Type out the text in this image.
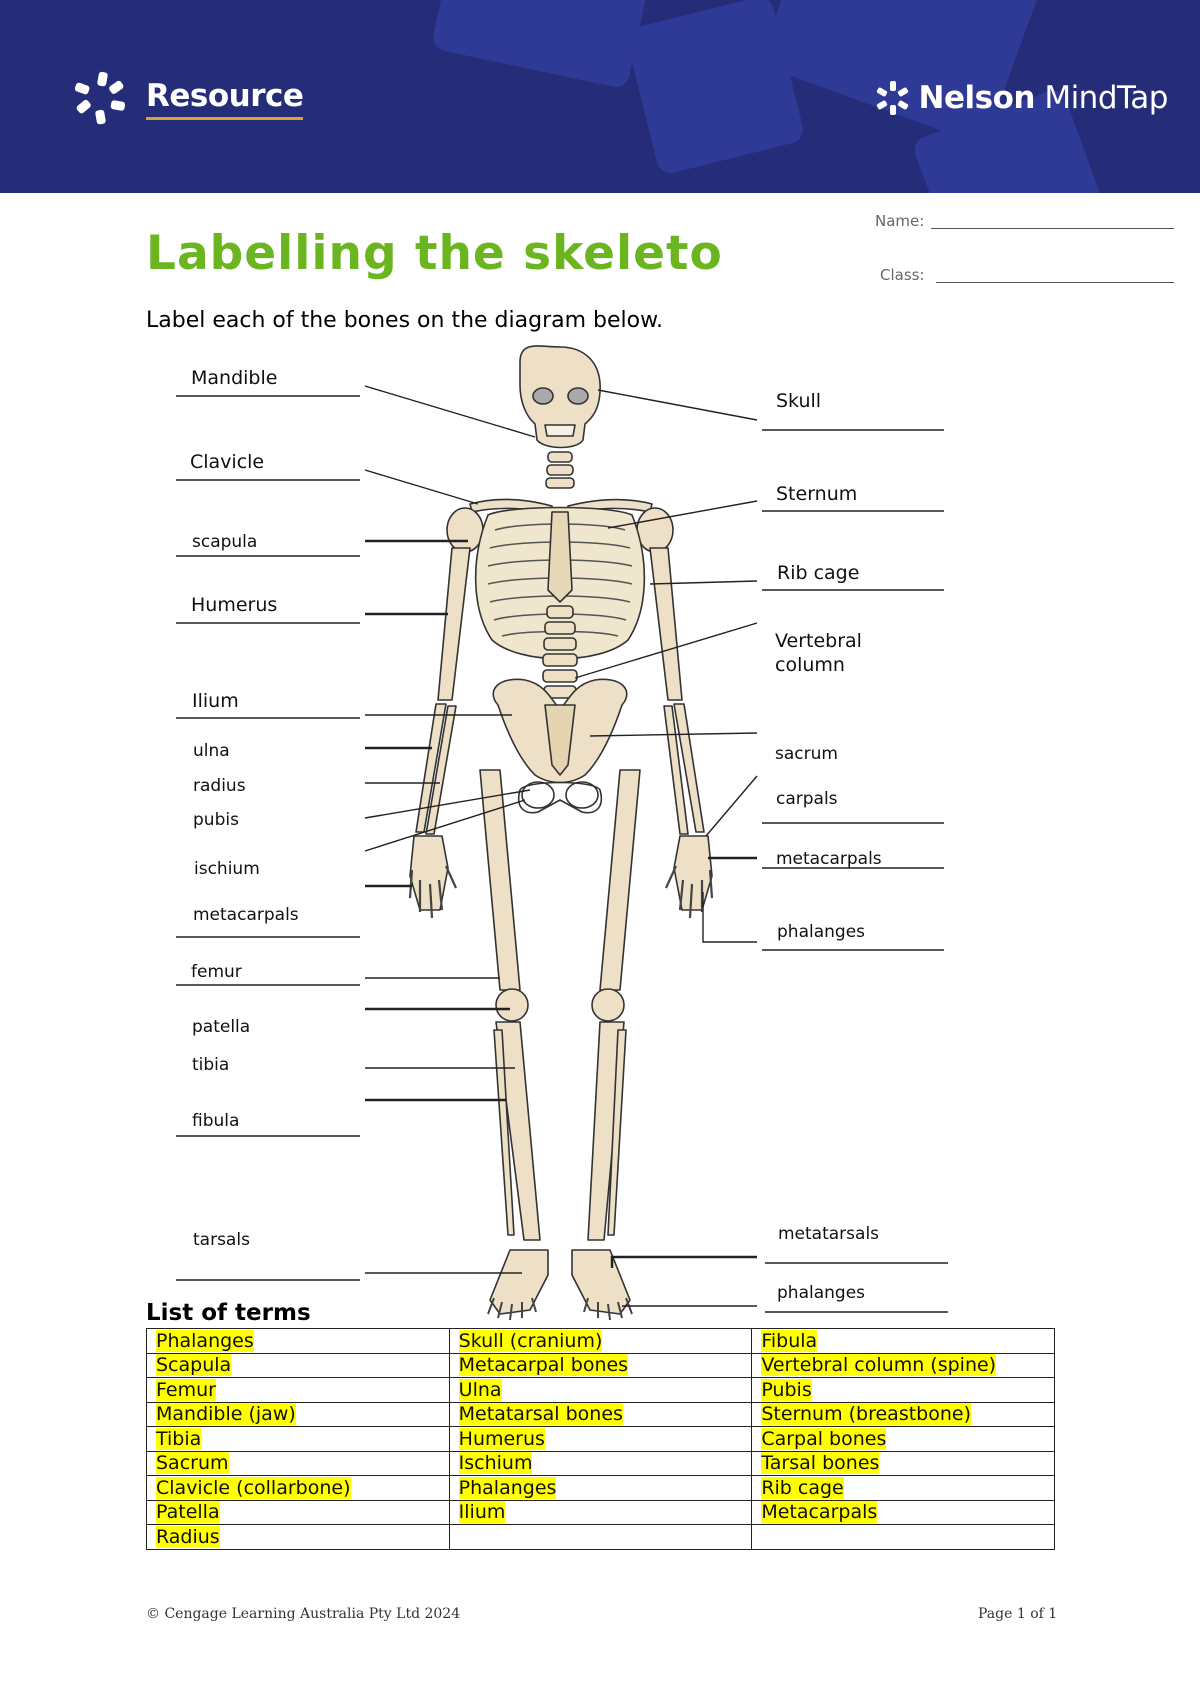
Resource	Nelson MindTap
Labelling the skeleto
Name:
Class:
Label each of the bones on the diagram below.
Mandible
Clavicle
scapula
Humerus
Ilium
ulna
radius
pubis
ischium
metacarpals
femur
patella
tibia
fibula
tarsals
Skull
Sternum
Rib cage
Vertebral
column
sacrum
carpals
metacarpals
phalanges
metatarsals
phalanges
List of terms
Phalanges	Skull (cranium)	Fibula
Scapula	Metacarpal bones	Vertebral column (spine)
Femur	Ulna	Pubis
Mandible (jaw)	Metatarsal bones	Sternum (breastbone)
Tibia	Humerus	Carpal bones
Sacrum	Ischium	Tarsal bones
Clavicle (collarbone)	Phalanges	Rib cage
Patella	Ilium	Metacarpals
Radius		
© Cengage Learning Australia Pty Ltd 2024	Page 1 of 1
